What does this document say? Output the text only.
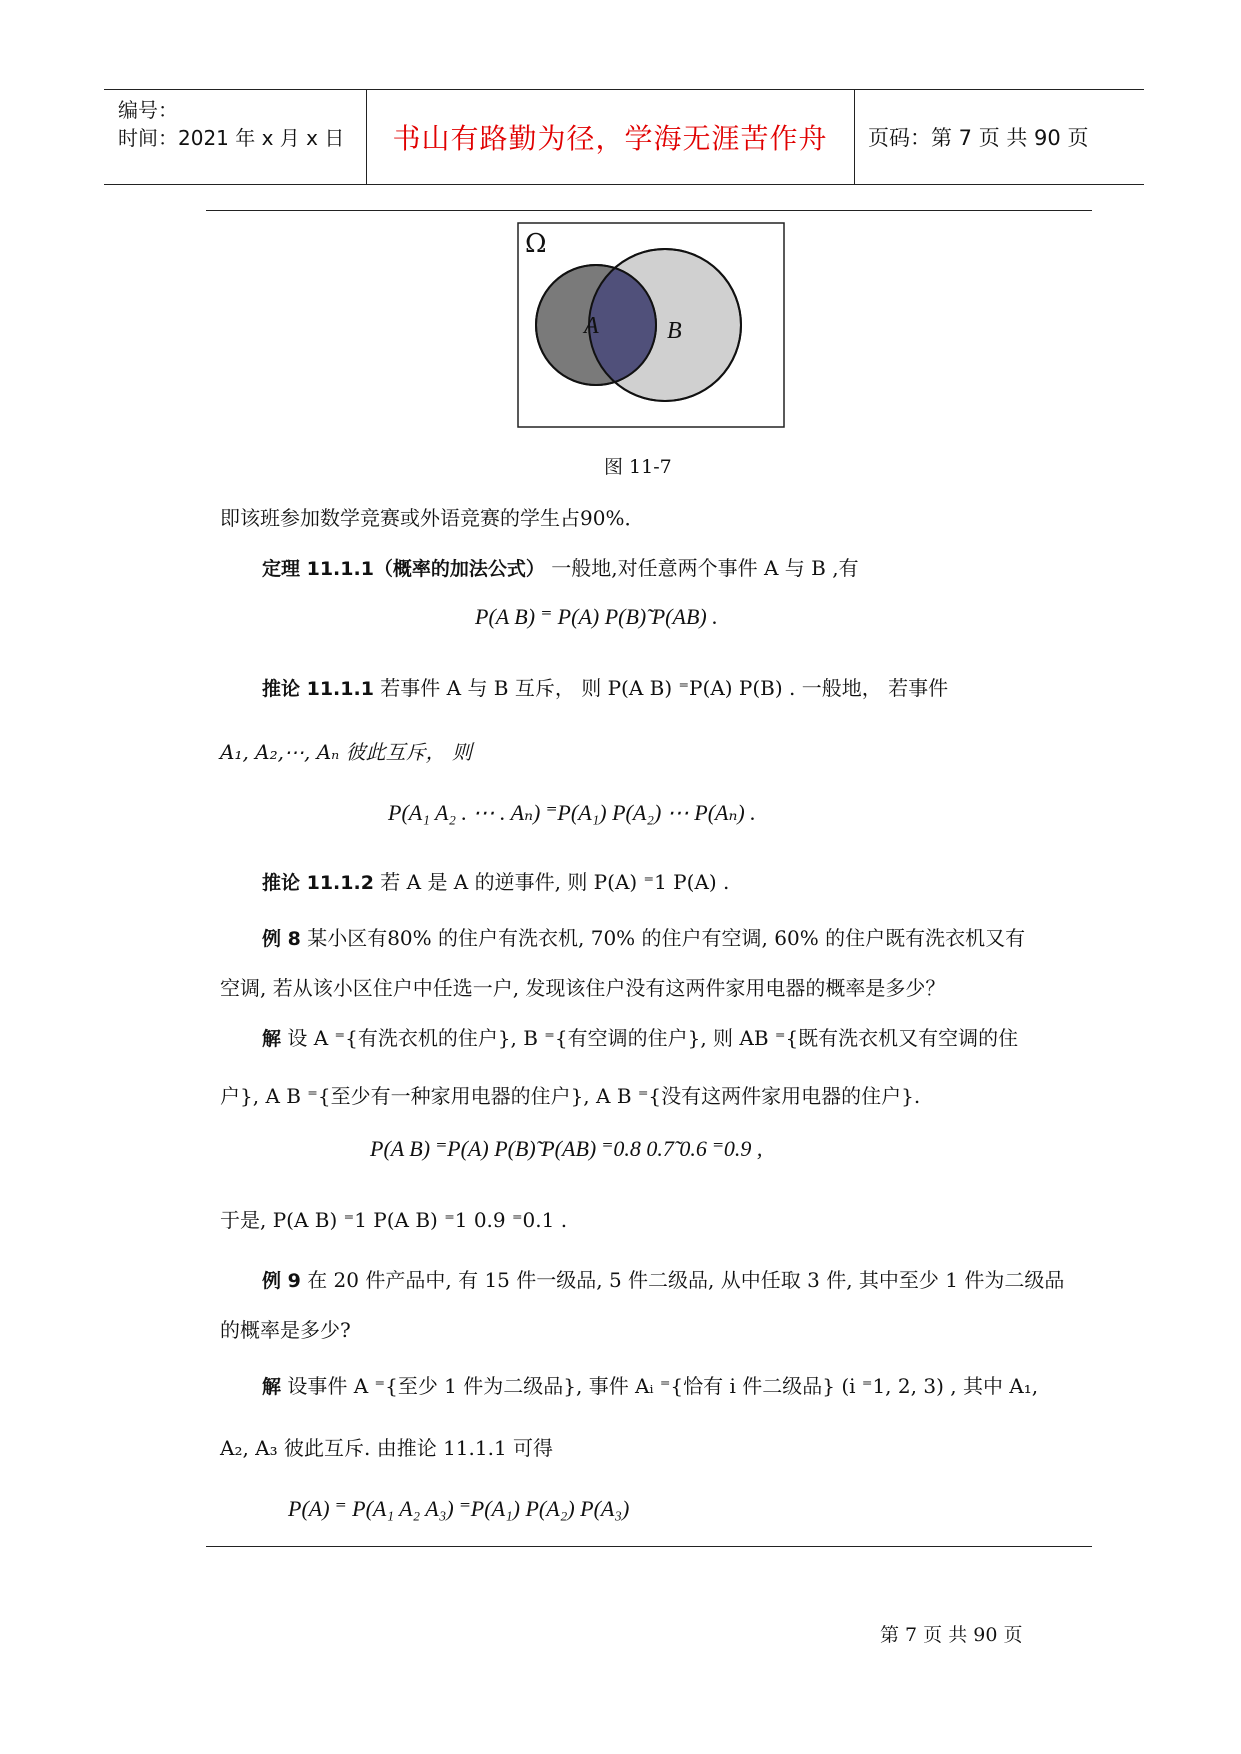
编号：
时间：2021 年 x 月 x 日 书山有路勤为径，学海无涯苦作舟 页码：第 7 页 共 90 页
Ω
A	B
图 11-7
即该班参加数学竞赛或外语竞赛的学生占90%．
定理 11.1.1（概率的加法公式） 一般地,对任意两个事件 A 与 B ,有
P(A B) ⁼ P(A) P(B)̃ P(AB) .
推论 11.1.1 若事件 A 与 B 互斥， 则 P(A B) ⁼P(A) P(B) . 一般地， 若事件
A₁, A₂,⋯, Aₙ 彼此互斥， 则
P(A₁ A₂ . ⋯ . Aₙ) ⁼P(A₁) P(A₂) ⋯ P(Aₙ) .
推论 11.1.2 若 A 是 A 的逆事件, 则 P(A) ⁼1 P(A) .
例 8 某小区有80% 的住户有洗衣机, 70% 的住户有空调, 60% 的住户既有洗衣机又有
空调, 若从该小区住户中任选一户, 发现该住户没有这两件家用电器的概率是多少？
解 设 A ⁼{有洗衣机的住户}, B ⁼{有空调的住户}, 则 AB ⁼{既有洗衣机又有空调的住
户}, A B ⁼{至少有一种家用电器的住户}, A B ⁼{没有这两件家用电器的住户}.
P(A B) ⁼P(A) P(B)̃ P(AB) ⁼0.8 0.7̃ 0.6 ⁼0.9 ,
于是, P(A B) ⁼1 P(A B) ⁼1 0.9 ⁼0.1 .
例 9 在 20 件产品中, 有 15 件一级品, 5 件二级品, 从中任取 3 件, 其中至少 1 件为二级品
的概率是多少?
解 设事件 A ⁼{至少 1 件为二级品}, 事件 Aᵢ ⁼{恰有 i 件二级品} (i ⁼1, 2, 3) , 其中 A₁,
A₂, A₃ 彼此互斥. 由推论 11.1.1 可得
P(A) ⁼ P(A₁ A₂ A₃) ⁼P(A₁) P(A₂) P(A₃)
第 7 页 共 90 页
